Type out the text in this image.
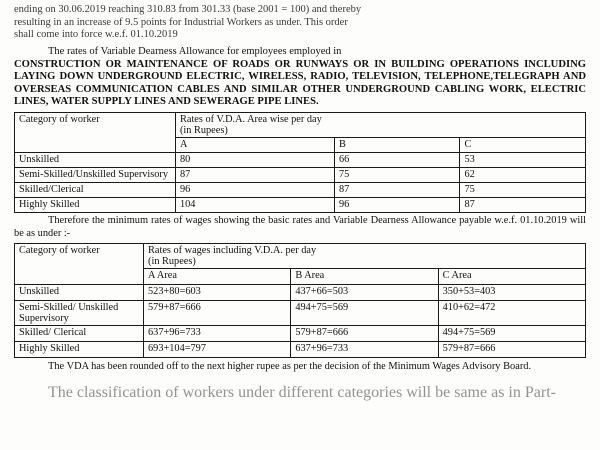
ending on 30.06.2019 reaching 310.83 from 301.33 (base 2001 = 100) and thereby
resulting in an increase of 9.5 points for Industrial Workers as under. This order
shall come into force w.e.f. 01.10.2019

The rates of Variable Dearness Allowance for employees employed in

CONSTRUCTION OR MAINTENANCE OF ROADS OR RUNWAYS OR IN BUILDING OPERATIONS INCLUDING LAYING DOWN UNDERGROUND ELECTRIC, WIRELESS, RADIO, TELEVISION, TELEPHONE,TELEGRAPH AND OVERSEAS COMMUNICATION CABLES AND SIMILAR OTHER UNDERGROUND CABLING WORK, ELECTRIC LINES, WATER SUPPLY LINES AND SEWERAGE PIPE LINES.

Category of worker	Rates of V.D.A. Area wise per day
(in Rupees)		

	A	B	C
Unskilled	80	66	53
Semi-Skilled/Unskilled Supervisory	87	75	62
Skilled/Clerical	96	87	75
Highly Skilled	104	96	87

Therefore the minimum rates of wages showing the basic rates and Variable Dearness Allowance payable w.e.f. 01.10.2019 will be as under :-

Category of worker	Rates of wages including V.D.A. per day
(in Rupees)		

	A Area	B Area	C Area
Unskilled	523+80=603	437+66=503	350+53=403
Semi-Skilled/ Unskilled Supervisory	579+87=666	494+75=569	410+62=472
Skilled/ Clerical	637+96=733	579+87=666	494+75=569
Highly Skilled	693+104=797	637+96=733	579+87=666

The VDA has been rounded off to the next higher rupee as per the decision of the Minimum Wages Advisory Board.

The classification of workers under different categories will be same as in Part-
